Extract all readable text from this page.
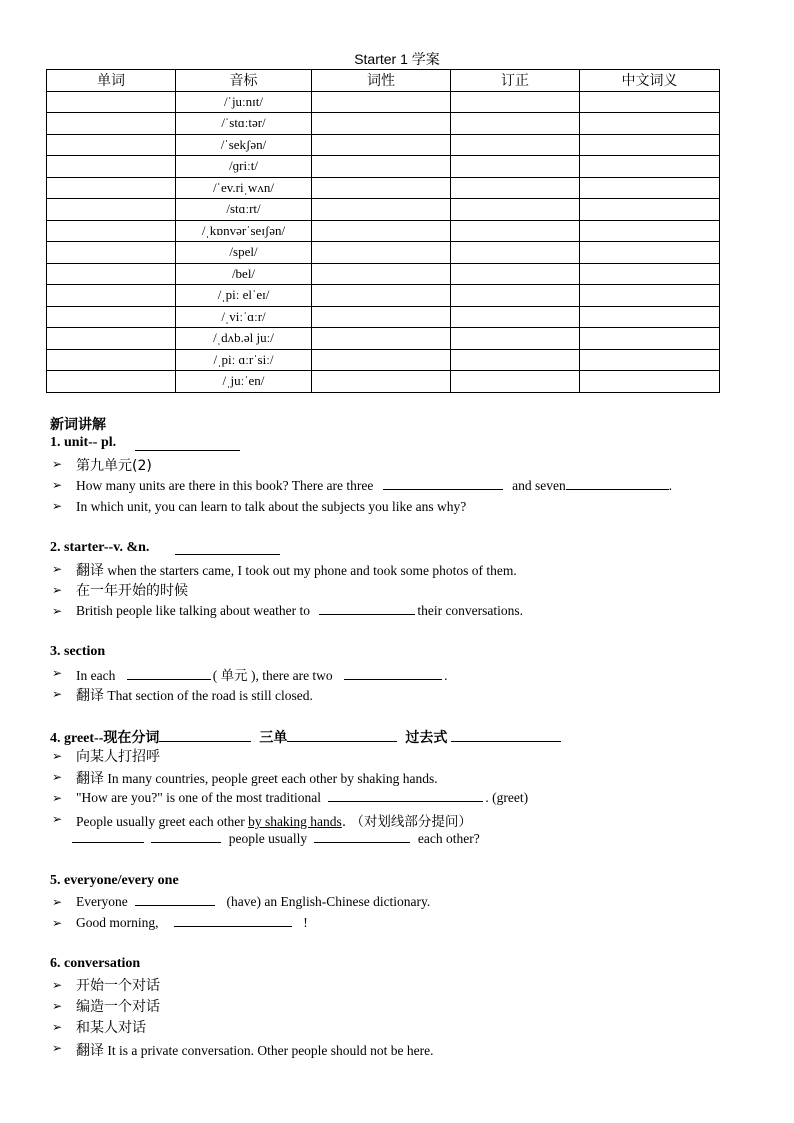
Starter 1 学案
单词	音标	词性	订正	中文词义
	/ˈjuːnɪt/			
	/ˈstɑːtər/			
	/ˈsekʃən/			
	/ɡriːt/			
	/ˈev.riˌwʌn/			
	/stɑːrt/			
	/ˌkɒnvərˈseɪʃən/			
	/spel/			
	/bel/			
	/ˌpiː elˈeɪ/			
	/ˌviːˈɑːr/			
	/ˌdʌb.əl juː/			
	/ˌpiː ɑːrˈsiː/			
	/ˌjuːˈen/			
新词讲解
1. unit-- pl.
➢ 第九单元(2)
➢ How many units are there in this book? There are three	and seven	.
➢ In which unit, you can learn to talk about the subjects you like ans why?
2. starter--v. &n.
➢ 翻译 when the starters came, I took out my phone and took some photos of them.
➢ 在一年开始的时候
➢ British people like talking about weather to	their conversations.
3. section
➢ In each	( 单元 ), there are two	.
➢ 翻译 That section of the road is still closed.
4. greet--现在分词	三单	过去式
➢ 向某人打招呼
➢ 翻译 In many countries, people greet each other by shaking hands.
➢ "How are you?" is one of the most traditional	. (greet)
➢ People usually greet each other by shaking hands. （对划线部分提问）
people usually	each other?
5. everyone/every one
➢ Everyone	(have) an English-Chinese dictionary.
➢ Good morning,	!
6. conversation
➢ 开始一个对话
➢ 编造一个对话
➢ 和某人对话
➢ 翻译 It is a private conversation. Other people should not be here.
